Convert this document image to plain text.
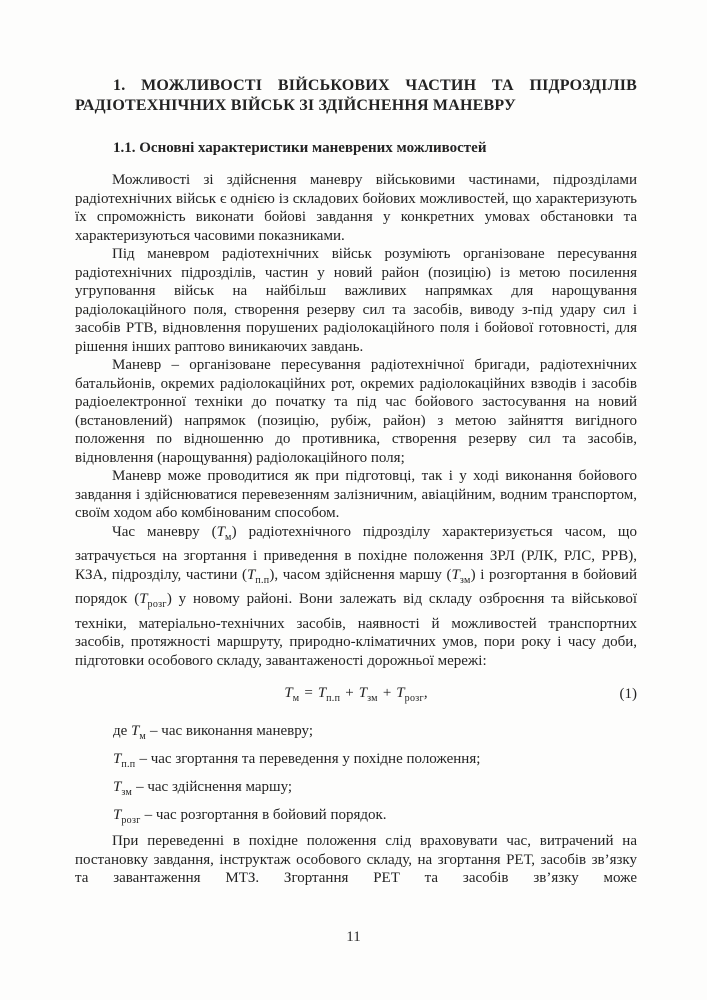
1. МОЖЛИВОСТІ ВІЙСЬКОВИХ ЧАСТИН ТА ПІДРОЗДІЛІВ
РАДІОТЕХНІЧНИХ ВІЙСЬК ЗІ ЗДІЙСНЕННЯ МАНЕВРУ
1.1. Основні характеристики маневрених можливостей

Можливості зі здійснення маневру військовими частинами, підрозділами радіотехнічних військ є однією із складових бойових можливостей, що характеризують їх спроможність виконати бойові завдання у конкретних умовах обстановки та характеризуються часовими показниками.

Під маневром радіотехнічних військ розуміють організоване пересування радіотехнічних підрозділів, частин у новий район (позицію) із метою посилення угруповання військ на найбільш важливих напрямках для нарощування радіолокаційного поля, створення резерву сил та засобів, виводу з-під удару сил і засобів РТВ, відновлення порушених радіолокаційного поля і бойової готовності, для рішення інших раптово виникаючих завдань.

Маневр – організоване пересування радіотехнічної бригади, радіотехнічних батальйонів, окремих радіолокаційних рот, окремих радіолокаційних взводів і засобів радіоелектронної техніки до початку та під час бойового застосування на новий (встановлений) напрямок (позицію, рубіж, район) з метою зайняття вигідного положення по відношенню до противника, створення резерву сил та засобів, відновлення (нарощування) радіолокаційного поля;

Маневр може проводитися як при підготовці, так і у ході виконання бойового завдання і здійснюватися перевезенням залізничним, авіаційним, водним транспортом, своїм ходом або комбінованим способом.

Час маневру $(Т_м)$ радіотехнічного підрозділу характеризується часом, що затрачується на згортання і приведення в похідне положення ЗРЛ (РЛК, РЛС, РРВ), КЗА, підрозділу, частини $(Т_{п.п})$, часом здійснення маршу $(Т_{зм})$ і розгортання в бойовий порядок $(Т_{розг})$ у новому районі. Вони залежать від складу озброєння та військової техніки, матеріально-технічних засобів, наявності й можливостей транспортних засобів, протяжності маршруту, природно-кліматичних умов, пори року і часу доби, підготовки особового складу, завантаженості дорожньої мережі:

$Т_м = Т_{п.п} + Т_{зм} + Т_{розг}$,	(1)
де $Т_м$ – час виконання маневру;
$Т_{п.п}$ – час згортання та переведення у похідне положення;
$Т_{зм}$ – час здійснення маршу;
$Т_{розг}$ – час розгортання в бойовий порядок.

При переведенні в похідне положення слід враховувати час, витрачений на постановку завдання, інструктаж особового складу, на згортання РЕТ, засобів зв’язку та завантаження МТЗ. Згортання РЕТ та засобів зв’язку може

11
